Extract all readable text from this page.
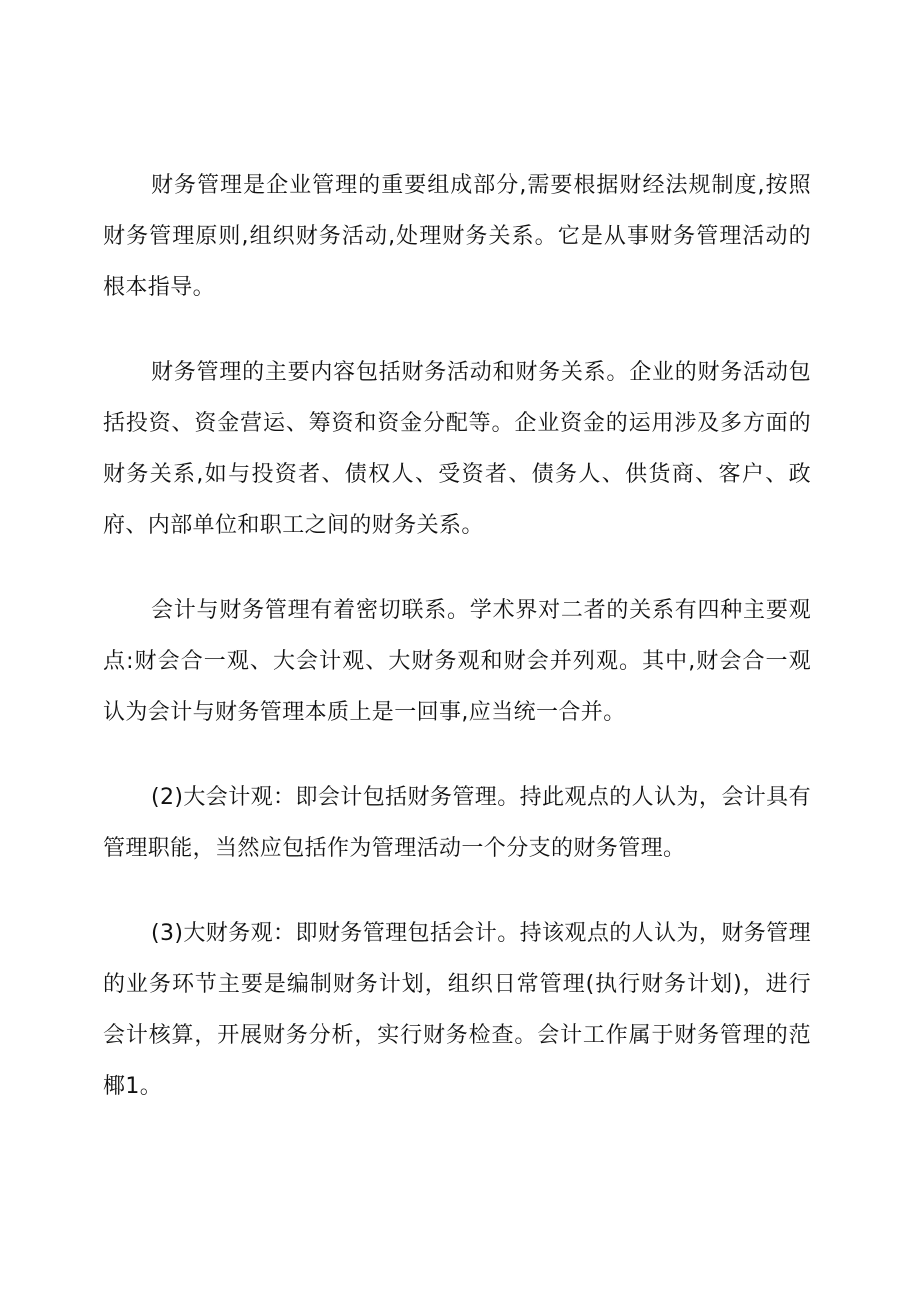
财务管理是企业管理的重要组成部分,需要根据财经法规制度,按照财务管理原则,组织财务活动,处理财务关系。它是从事财务管理活动的根本指导。

财务管理的主要内容包括财务活动和财务关系。企业的财务活动包括投资、资金营运、筹资和资金分配等。企业资金的运用涉及多方面的财务关系,如与投资者、债权人、受资者、债务人、供货商、客户、政府、内部单位和职工之间的财务关系。

会计与财务管理有着密切联系。学术界对二者的关系有四种主要观点:财会合一观、大会计观、大财务观和财会并列观。其中,财会合一观认为会计与财务管理本质上是一回事,应当统一合并。

(2)大会计观：即会计包括财务管理。持此观点的人认为，会计具有管理职能，当然应包括作为管理活动一个分支的财务管理。

(3)大财务观：即财务管理包括会计。持该观点的人认为，财务管理的业务环节主要是编制财务计划，组织日常管理(执行财务计划)，进行会计核算，开展财务分析，实行财务检查。会计工作属于财务管理的范椰1。
